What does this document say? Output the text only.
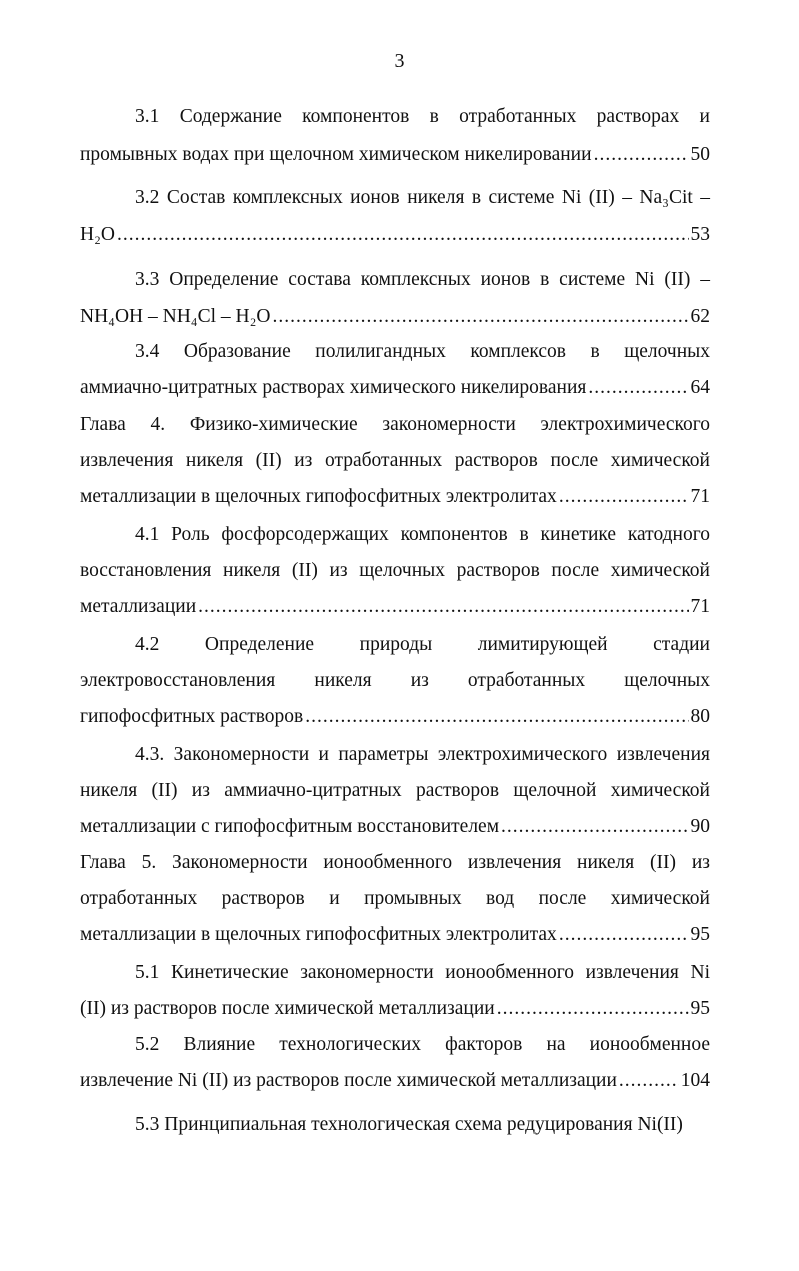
3
3.1 Содержание компонентов в отработанных растворах и
промывных водах при щелочном химическом никелировании .....	50
3.2 Состав комплексных ионов никеля в системе Ni (II) – Na₃Cit –
H₂O .....	53
3.3 Определение состава комплексных ионов в системе Ni (II) –
NH₄OH – NH₄Cl – H₂O .....	62
3.4 Образование полилигандных комплексов в щелочных
аммиачно-цитратных растворах химического никелирования .....	64
Глава 4. Физико-химические закономерности электрохимического
извлечения никеля (II) из отработанных растворов после химической
металлизации в щелочных гипофосфитных электролитах .....	71
4.1 Роль фосфорсодержащих компонентов в кинетике катодного
восстановления никеля (II) из щелочных растворов после химической
металлизации .....	71
4.2 Определение природы лимитирующей стадии
электровосстановления никеля из отработанных щелочных
гипофосфитных растворов .....	80
4.3. Закономерности и параметры электрохимического извлечения
никеля (II) из аммиачно-цитратных растворов щелочной химической
металлизации с гипофосфитным восстановителем .....	90
Глава 5. Закономерности ионообменного извлечения никеля (II) из
отработанных растворов и промывных вод после химической
металлизации в щелочных гипофосфитных электролитах .....	95
5.1 Кинетические закономерности ионообменного извлечения Ni
(II) из растворов после химической металлизации .....	95
5.2 Влияние технологических факторов на ионообменное
извлечение Ni (II) из растворов после химической металлизации .....	104
5.3 Принципиальная технологическая схема редуцирования Ni(II)
